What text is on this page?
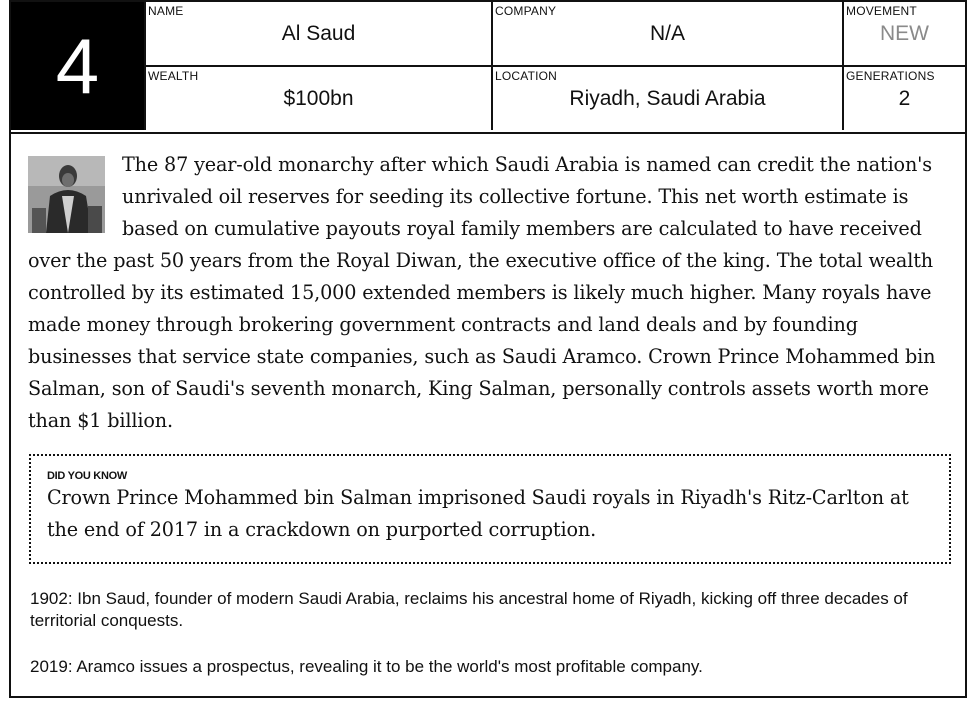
4
NAME
Al Saud
COMPANY
N/A
MOVEMENT
NEW
WEALTH
$100bn
LOCATION
Riyadh, Saudi Arabia
GENERATIONS
2

The 87 year-old monarchy after which Saudi Arabia is named can credit the nation's unrivaled oil reserves for seeding its collective fortune. This net worth estimate is based on cumulative payouts royal family members are calculated to have received over the past 50 years from the Royal Diwan, the executive office of the king. The total wealth controlled by its estimated 15,000 extended members is likely much higher. Many royals have made money through brokering government contracts and land deals and by founding businesses that service state companies, such as Saudi Aramco. Crown Prince Mohammed bin Salman, son of Saudi's seventh monarch, King Salman, personally controls assets worth more than $1 billion.

DID YOU KNOW
Crown Prince Mohammed bin Salman imprisoned Saudi royals in Riyadh's Ritz-Carlton at the end of 2017 in a crackdown on purported corruption.

1902: Ibn Saud, founder of modern Saudi Arabia, reclaims his ancestral home of Riyadh, kicking off three decades of territorial conquests.

2019: Aramco issues a prospectus, revealing it to be the world's most profitable company.
